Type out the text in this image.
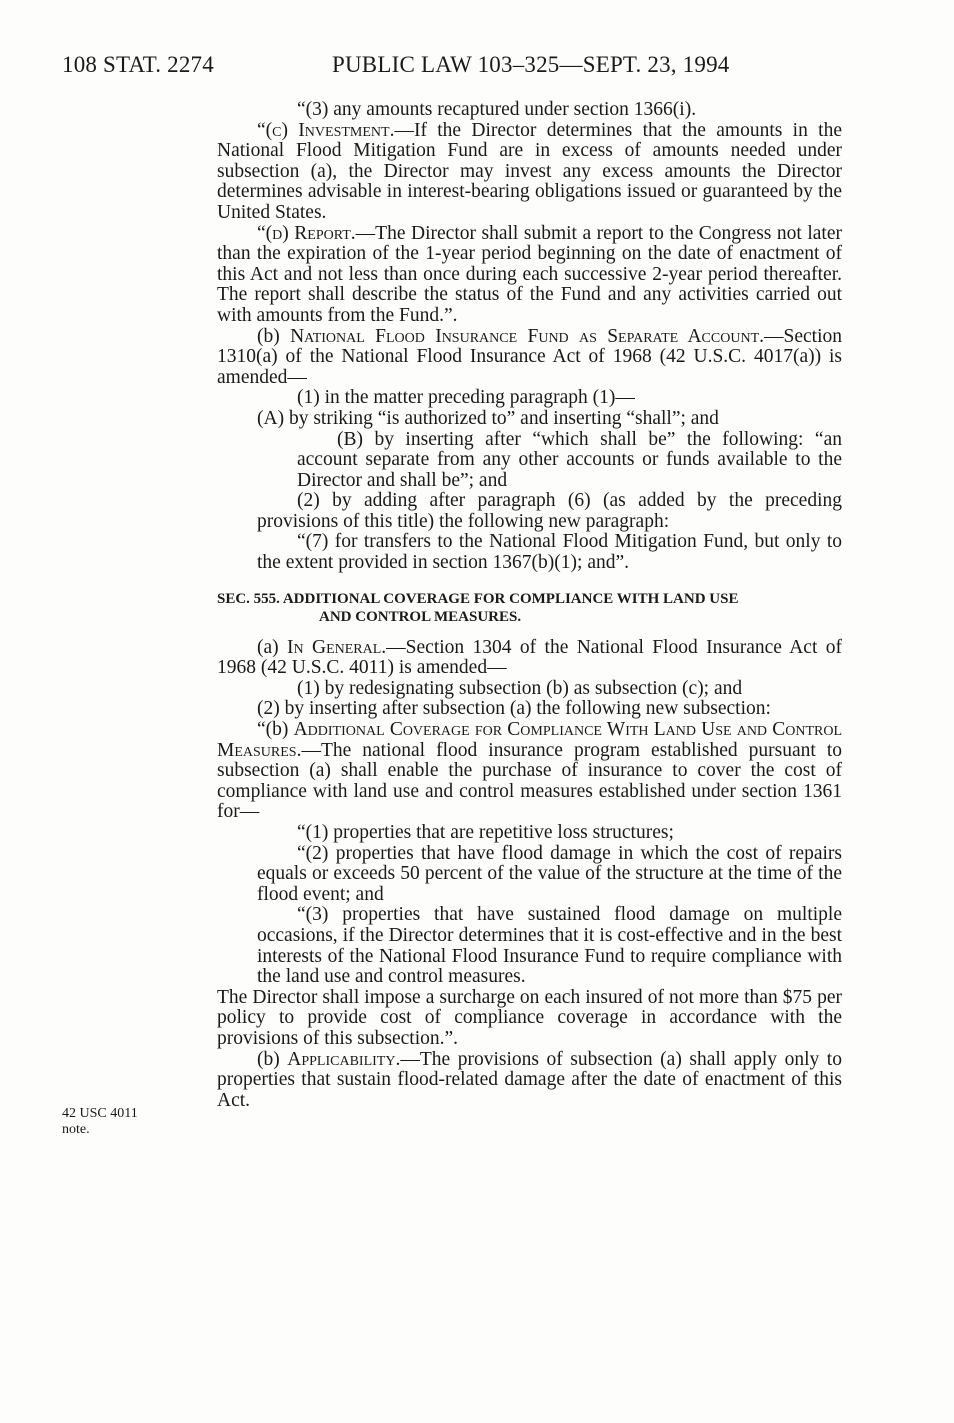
108 STAT. 2274	PUBLIC LAW 103–325—SEPT. 23, 1994
42 USC 4011
note.

“(3) any amounts recaptured under section 1366(i).

“(c) Investment.—If the Director determines that the amounts in the National Flood Mitigation Fund are in excess of amounts needed under subsection (a), the Director may invest any excess amounts the Director determines advisable in interest-bearing obligations issued or guaranteed by the United States.

“(d) Report.—The Director shall submit a report to the Congress not later than the expiration of the 1-year period beginning on the date of enactment of this Act and not less than once during each successive 2-year period thereafter. The report shall describe the status of the Fund and any activities carried out with amounts from the Fund.”.

(b) National Flood Insurance Fund as Separate Account.—Section 1310(a) of the National Flood Insurance Act of 1968 (42 U.S.C. 4017(a)) is amended—

(1) in the matter preceding paragraph (1)—

(A) by striking “is authorized to” and inserting “shall”; and

(B) by inserting after “which shall be” the following: “an account separate from any other accounts or funds available to the Director and shall be”; and

(2) by adding after paragraph (6) (as added by the preceding provisions of this title) the following new paragraph:

“(7) for transfers to the National Flood Mitigation Fund, but only to the extent provided in section 1367(b)(1); and”.

SEC. 555. ADDITIONAL COVERAGE FOR COMPLIANCE WITH LAND USE
AND CONTROL MEASURES.

(a) In General.—Section 1304 of the National Flood Insurance Act of 1968 (42 U.S.C. 4011) is amended—

(1) by redesignating subsection (b) as subsection (c); and

(2) by inserting after subsection (a) the following new subsection:

“(b) Additional Coverage for Compliance With Land Use and Control Measures.—The national flood insurance program established pursuant to subsection (a) shall enable the purchase of insurance to cover the cost of compliance with land use and control measures established under section 1361 for—

“(1) properties that are repetitive loss structures;

“(2) properties that have flood damage in which the cost of repairs equals or exceeds 50 percent of the value of the structure at the time of the flood event; and

“(3) properties that have sustained flood damage on multiple occasions, if the Director determines that it is cost-effective and in the best interests of the National Flood Insurance Fund to require compliance with the land use and control measures.

The Director shall impose a surcharge on each insured of not more than $75 per policy to provide cost of compliance coverage in accordance with the provisions of this subsection.”.

(b) Applicability.—The provisions of subsection (a) shall apply only to properties that sustain flood-related damage after the date of enactment of this Act.
